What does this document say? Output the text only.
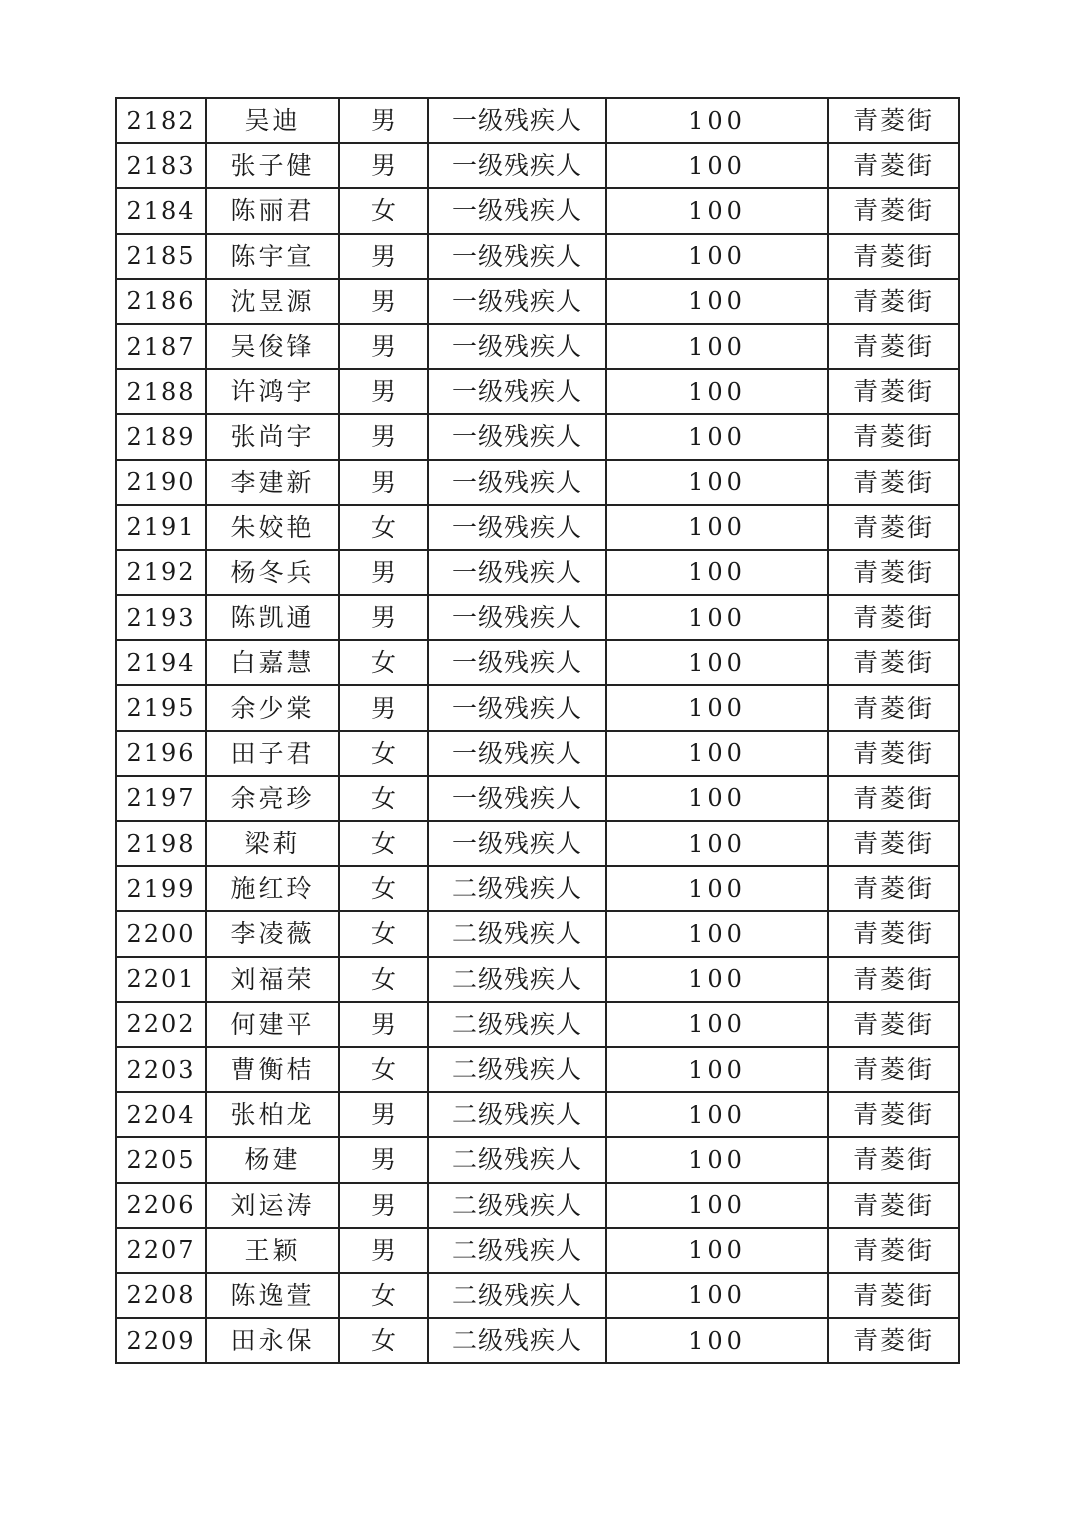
2182	吴迪	男	一级残疾人	100	青菱街
2183	张子健	男	一级残疾人	100	青菱街
2184	陈丽君	女	一级残疾人	100	青菱街
2185	陈宇宣	男	一级残疾人	100	青菱街
2186	沈昱源	男	一级残疾人	100	青菱街
2187	吴俊锋	男	一级残疾人	100	青菱街
2188	许鸿宇	男	一级残疾人	100	青菱街
2189	张尚宇	男	一级残疾人	100	青菱街
2190	李建新	男	一级残疾人	100	青菱街
2191	朱姣艳	女	一级残疾人	100	青菱街
2192	杨冬兵	男	一级残疾人	100	青菱街
2193	陈凯通	男	一级残疾人	100	青菱街
2194	白嘉慧	女	一级残疾人	100	青菱街
2195	余少棠	男	一级残疾人	100	青菱街
2196	田子君	女	一级残疾人	100	青菱街
2197	余亮珍	女	一级残疾人	100	青菱街
2198	梁莉	女	一级残疾人	100	青菱街
2199	施红玲	女	二级残疾人	100	青菱街
2200	李凌薇	女	二级残疾人	100	青菱街
2201	刘福荣	女	二级残疾人	100	青菱街
2202	何建平	男	二级残疾人	100	青菱街
2203	曹衡桔	女	二级残疾人	100	青菱街
2204	张柏龙	男	二级残疾人	100	青菱街
2205	杨建	男	二级残疾人	100	青菱街
2206	刘运涛	男	二级残疾人	100	青菱街
2207	王颖	男	二级残疾人	100	青菱街
2208	陈逸萱	女	二级残疾人	100	青菱街
2209	田永保	女	二级残疾人	100	青菱街
